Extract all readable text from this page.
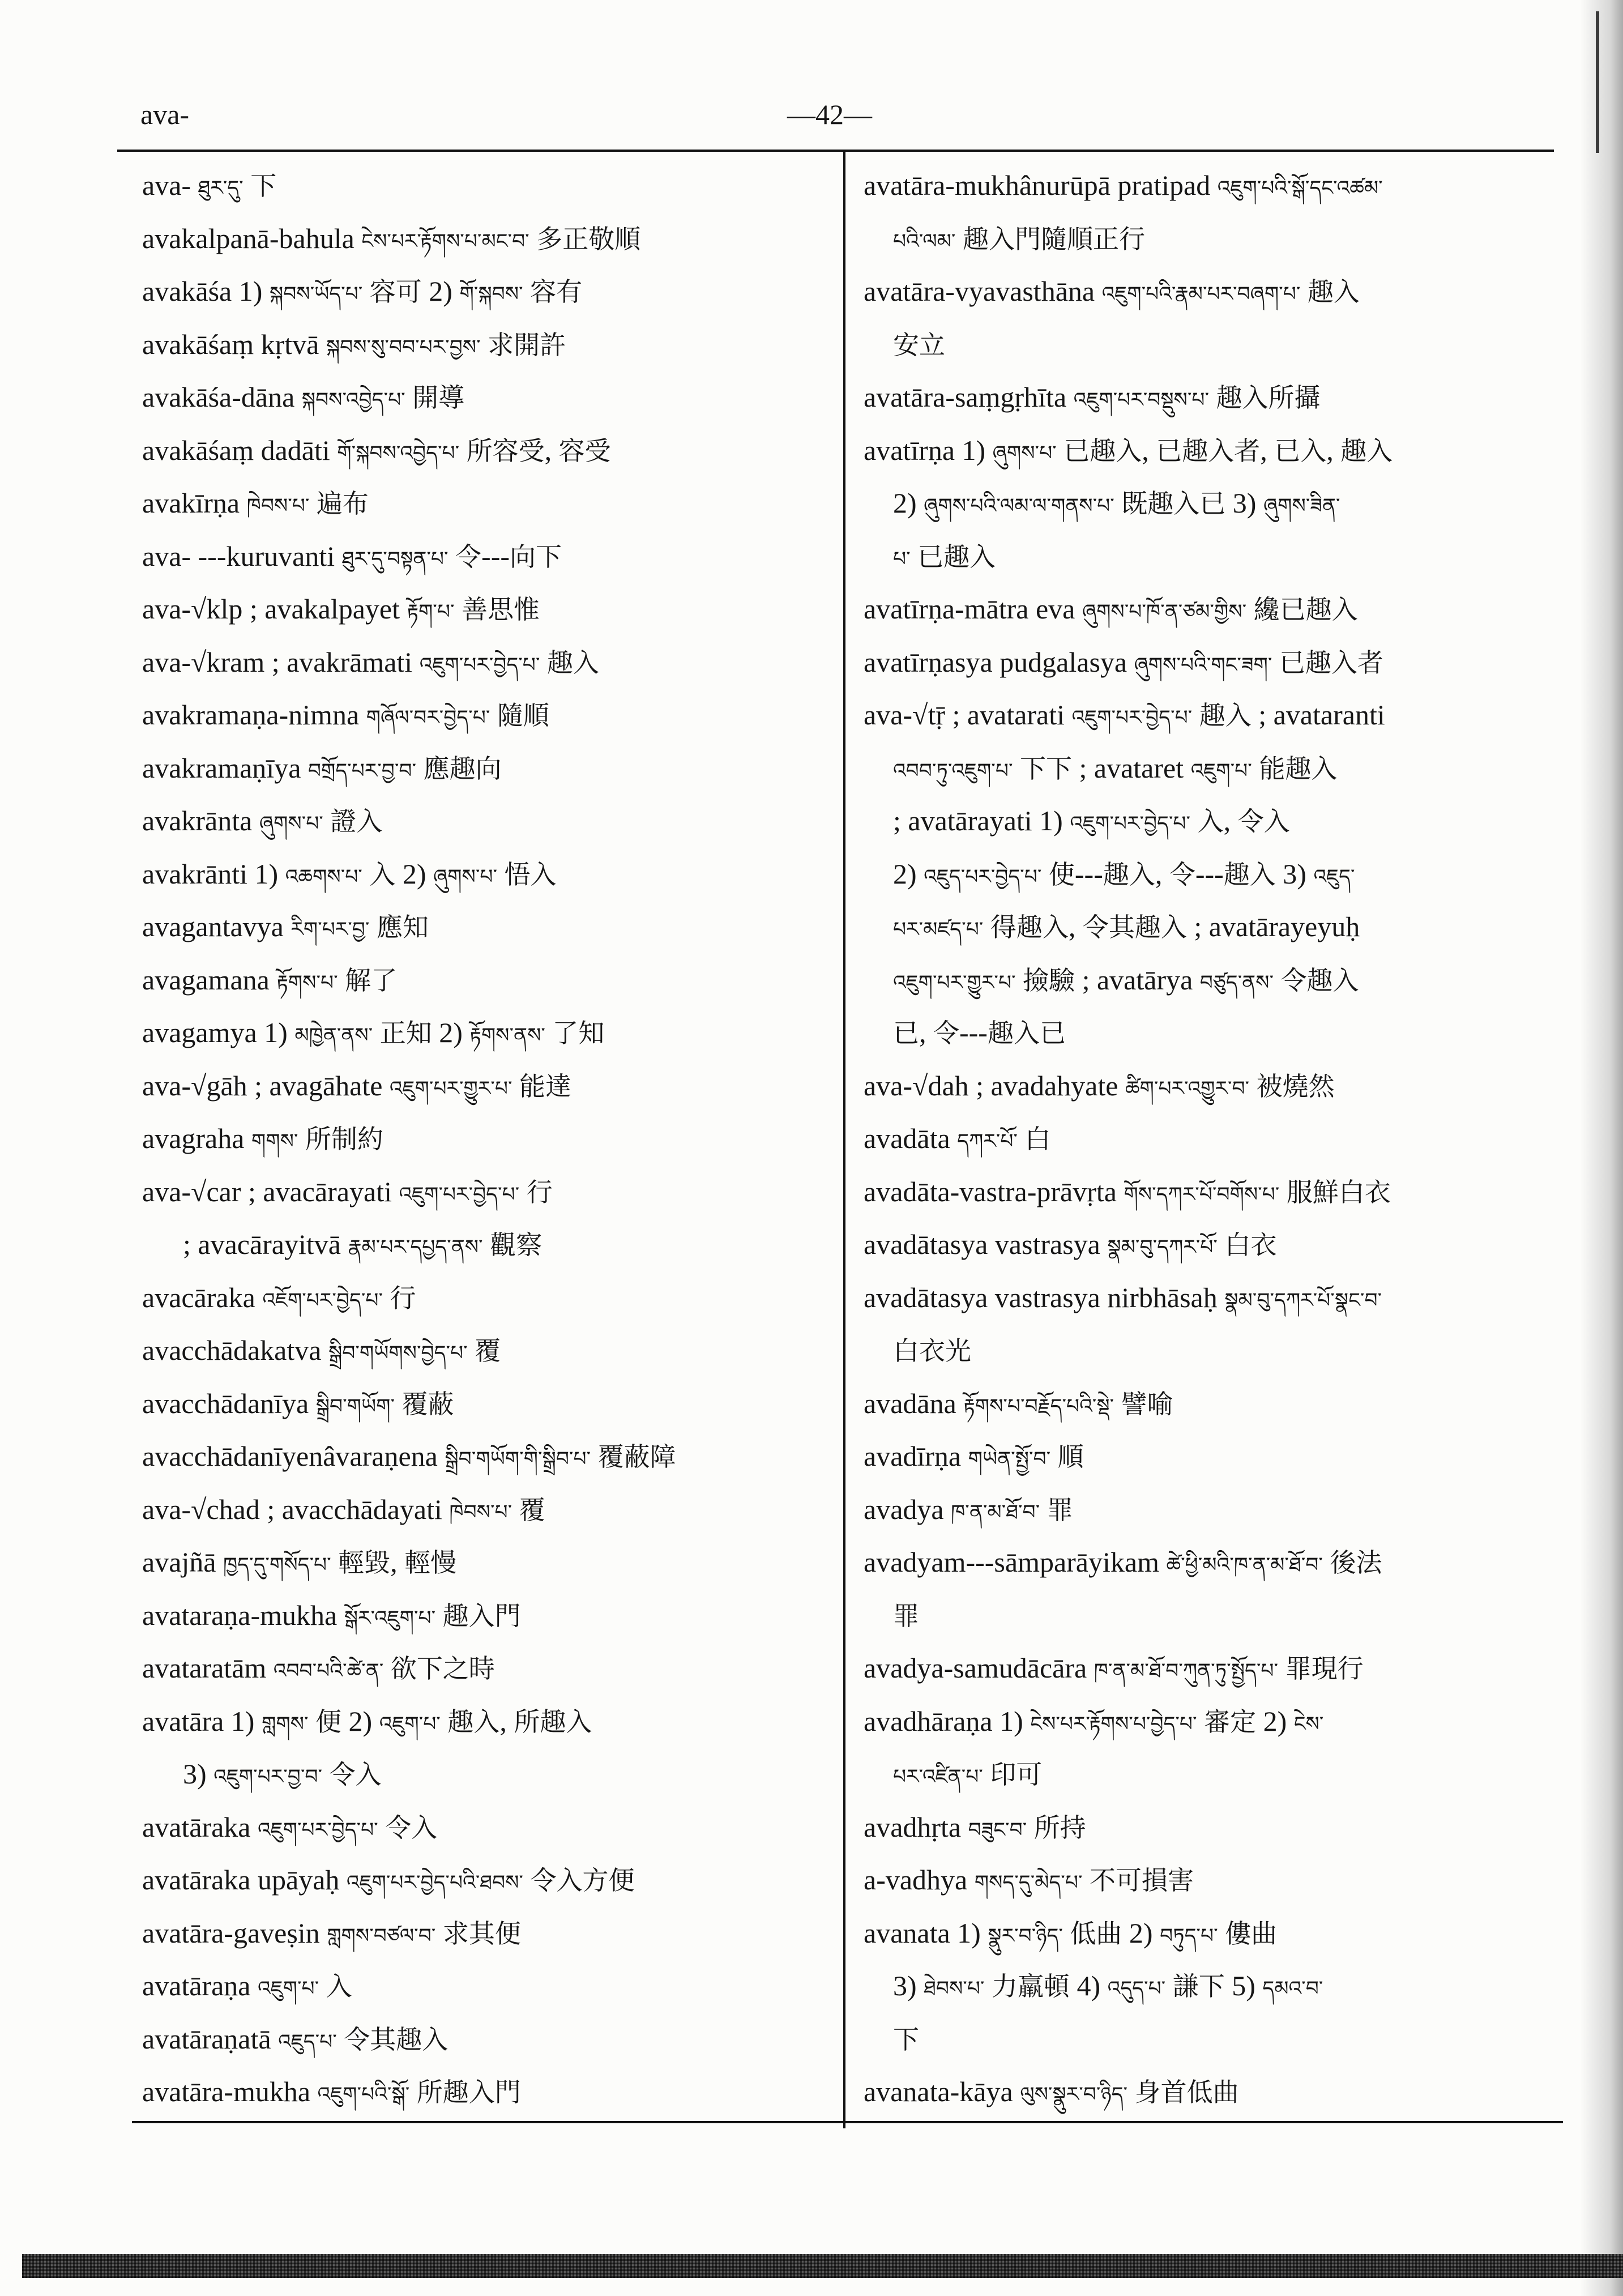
ava-	—42—
ava- ཐུར་དུ་ 下
avakalpanā-bahula ངེས་པར་རྟོགས་པ་མང་བ་ 多正敬順
avakāśa 1) སྐབས་ཡོད་པ་ 容可 2) གོ་སྐབས་ 容有
avakāśaṃ kṛtvā སྐབས་སུ་བབ་པར་བྱས་ 求開許
avakāśa-dāna སྐབས་འབྱེད་པ་ 開導
avakāśaṃ dadāti གོ་སྐབས་འབྱེད་པ་ 所容受, 容受
avakīrṇa ཁེབས་པ་ 遍布
ava- ---kuruvanti ཐུར་དུ་བསྟན་པ་ 令---向下
ava-√klp ; avakalpayet རྟོག་པ་ 善思惟
ava-√kram ; avakrāmati འཇུག་པར་བྱེད་པ་ 趣入
avakramaṇa-nimna གཞོལ་བར་བྱེད་པ་ 隨順
avakramaṇīya བགྲོད་པར་བྱ་བ་ 應趣向
avakrānta ཞུགས་པ་ 證入
avakrānti 1) འཆགས་པ་ 入 2) ཞུགས་པ་ 悟入
avagantavya རིག་པར་བྱ་ 應知
avagamana རྟོགས་པ་ 解了
avagamya 1) མཁྱེན་ནས་ 正知 2) རྟོགས་ནས་ 了知
ava-√gāh ; avagāhate འཇུག་པར་གྱུར་པ་ 能達
avagraha གགས་ 所制約
ava-√car ; avacārayati འཇུག་པར་བྱེད་པ་ 行
; avacārayitvā རྣམ་པར་དཔྱད་ནས་ 觀察
avacāraka འཇོག་པར་བྱེད་པ་ 行
avacchādakatva སྒྲིབ་གཡོགས་བྱེད་པ་ 覆
avacchādanīya སྒྲིབ་གཡོག་ 覆蔽
avacchādanīyenâvaraṇena སྒྲིབ་གཡོག་གི་སྒྲིབ་པ་ 覆蔽障
ava-√chad ; avacchādayati ཁེབས་པ་ 覆
avajñā ཁྱད་དུ་གསོད་པ་ 輕毀, 輕慢
avataraṇa-mukha སྒོར་འཇུག་པ་ 趣入門
avataratām འབབ་པའི་ཚེ་ན་ 欲下之時
avatāra 1) གླགས་ 便 2) འཇུག་པ་ 趣入, 所趣入
3) འཇུག་པར་བྱ་བ་ 令入
avatāraka འཇུག་པར་བྱེད་པ་ 令入
avatāraka upāyaḥ འཇུག་པར་བྱེད་པའི་ཐབས་ 令入方便
avatāra-gaveṣin གླགས་བཙལ་བ་ 求其便
avatāraṇa འཇུག་པ་ 入
avatāraṇatā འཇུད་པ་ 令其趣入
avatāra-mukha འཇུག་པའི་སྒོ་ 所趣入門
avatāra-mukhânurūpā pratipad འཇུག་པའི་སྒོ་དང་འཚམ་
པའི་ལམ་ 趣入門隨順正行
avatāra-vyavasthāna འཇུག་པའི་རྣམ་པར་བཞག་པ་ 趣入
安立
avatāra-saṃgṛhīta འཇུག་པར་བསྡུས་པ་ 趣入所攝
avatīrṇa 1) ཞུགས་པ་ 已趣入, 已趣入者, 已入, 趣入
2) ཞུགས་པའི་ལམ་ལ་གནས་པ་ 既趣入已 3) ཞུགས་ཟིན་
པ་ 已趣入
avatīrṇa-mātra eva ཞུགས་པ་ཁོ་ན་ཙམ་གྱིས་ 纔已趣入
avatīrṇasya pudgalasya ཞུགས་པའི་གང་ཟག་ 已趣入者
ava-√tṝ ; avatarati འཇུག་པར་བྱེད་པ་ 趣入 ; avataranti
འབབ་ཏུ་འཇུག་པ་ 下下 ; avataret འཇུག་པ་ 能趣入
; avatārayati 1) འཇུག་པར་བྱེད་པ་ 入, 令入
2) འཇུད་པར་བྱེད་པ་ 使---趣入, 令---趣入 3) འཇུད་
པར་མཛད་པ་ 得趣入, 令其趣入 ; avatārayeyuḥ
འཇུག་པར་གྱུར་པ་ 撿驗 ; avatārya བཙུད་ནས་ 令趣入
已, 令---趣入已
ava-√dah ; avadahyate ཚིག་པར་འགྱུར་བ་ 被燒然
avadāta དཀར་པོ་ 白
avadāta-vastra-prāvṛta གོས་དཀར་པོ་བགོས་པ་ 服鮮白衣
avadātasya vastrasya སྣམ་བུ་དཀར་པོ་ 白衣
avadātasya vastrasya nirbhāsaḥ སྣམ་བུ་དཀར་པོ་སྣང་བ་
白衣光
avadāna རྟོགས་པ་བརྗོད་པའི་སྡེ་ 譬喻
avadīrṇa གཡེན་སྤྱོ་བ་ 順
avadya ཁ་ན་མ་ཐོ་བ་ 罪
avadyam---sāmparāyikam ཚེ་ཕྱི་མའི་ཁ་ན་མ་ཐོ་བ་ 後法
罪
avadya-samudācāra ཁ་ན་མ་ཐོ་བ་ཀུན་ཏུ་སྤྱོད་པ་ 罪現行
avadhāraṇa 1) ངེས་པར་རྟོགས་པ་བྱེད་པ་ 審定 2) ངེས་
པར་འཛིན་པ་ 印可
avadhṛta བཟུང་བ་ 所持
a-vadhya གསད་དུ་མེད་པ་ 不可損害
avanata 1) སྣུར་བ་ཉིད་ 低曲 2) བཏུད་པ་ 僂曲
3) ཐེབས་པ་ 力羸頓 4) འདུད་པ་ 謙下 5) དམའ་བ་
下
avanata-kāya ལུས་སྣུར་བ་ཉིད་ 身首低曲
